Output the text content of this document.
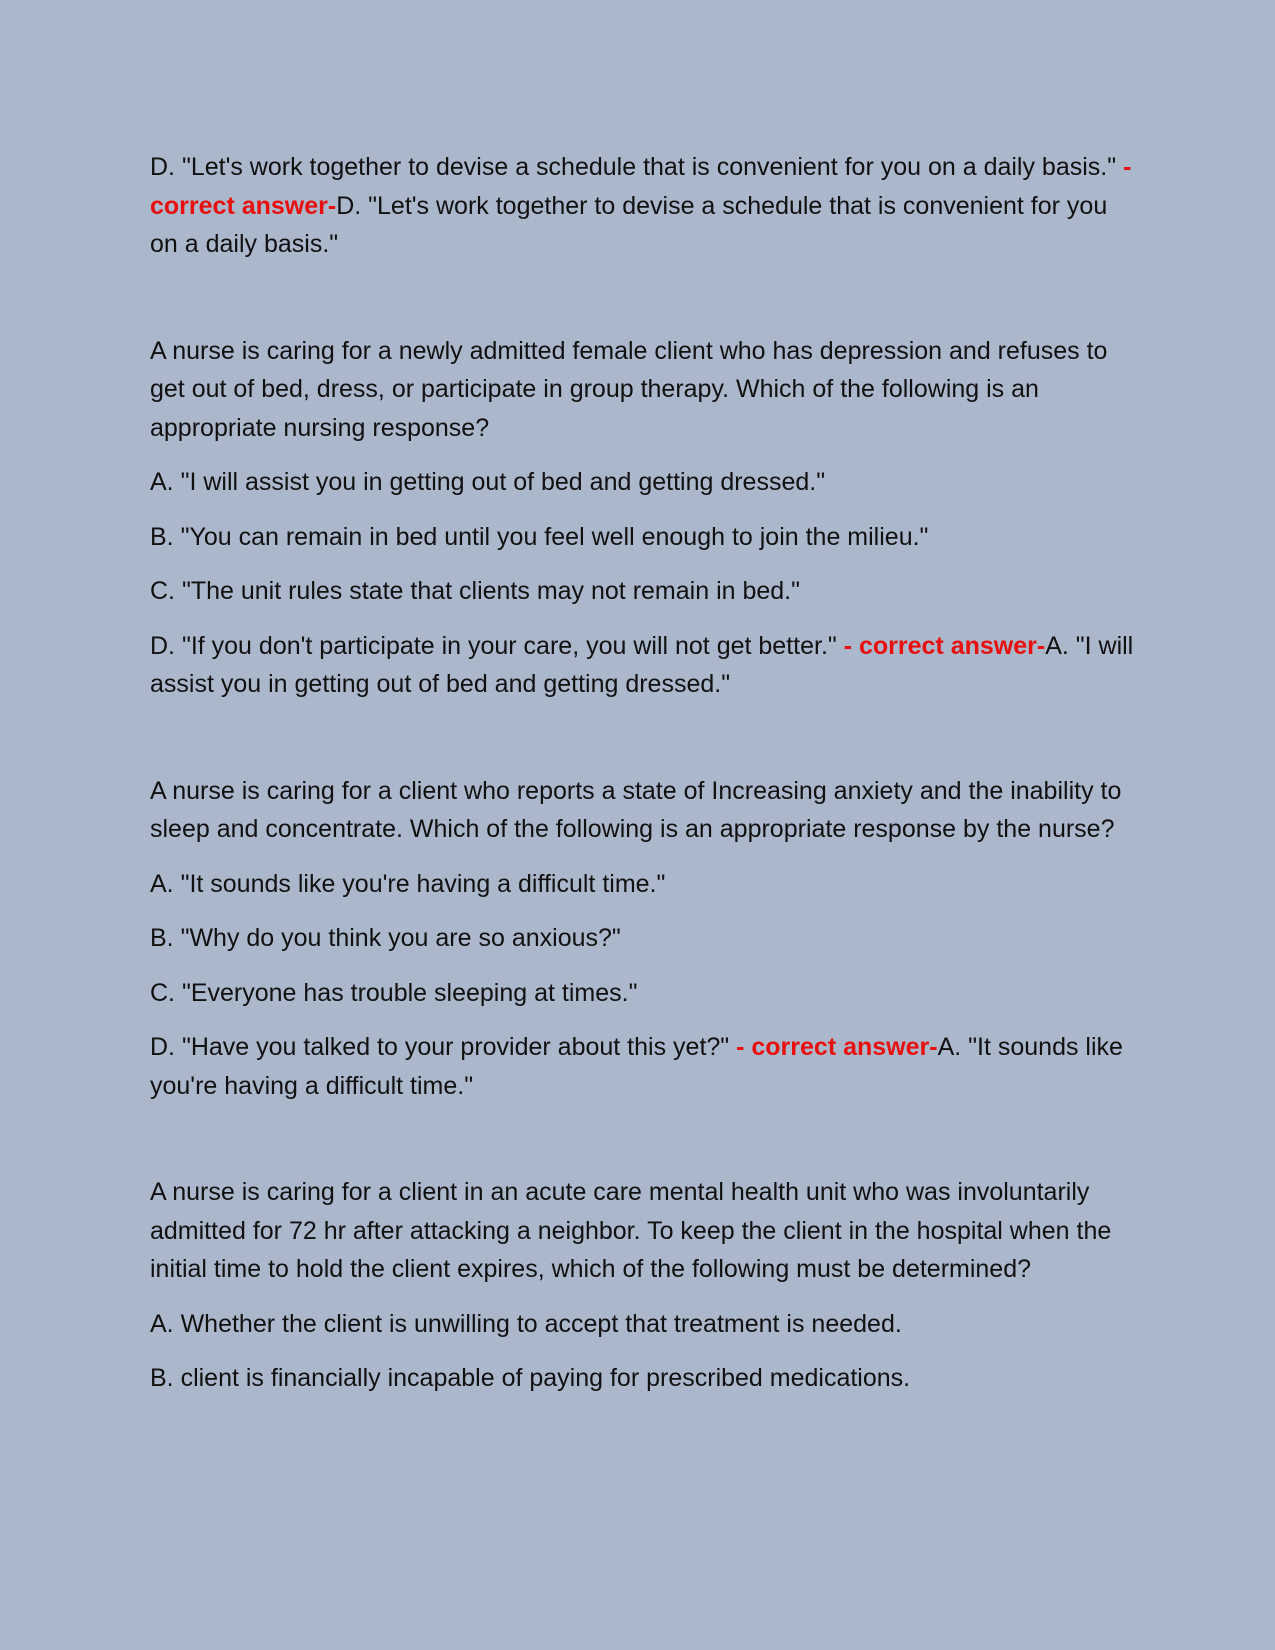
D. "Let's work together to devise a schedule that is convenient for you on a daily basis." - correct answer-D. "Let's work together to devise a schedule that is convenient for you on a daily basis."

A nurse is caring for a newly admitted female client who has depression and refuses to get out of bed, dress, or participate in group therapy. Which of the following is an appropriate nursing response?

A. "I will assist you in getting out of bed and getting dressed."

B. "You can remain in bed until you feel well enough to join the milieu."

C. "The unit rules state that clients may not remain in bed."

D. "If you don't participate in your care, you will not get better." - correct answer-A. "I will assist you in getting out of bed and getting dressed."

A nurse is caring for a client who reports a state of Increasing anxiety and the inability to sleep and concentrate. Which of the following is an appropriate response by the nurse?

A. "It sounds like you're having a difficult time."

B. "Why do you think you are so anxious?"

C. "Everyone has trouble sleeping at times."

D. "Have you talked to your provider about this yet?" - correct answer-A. "It sounds like you're having a difficult time."

A nurse is caring for a client in an acute care mental health unit who was involuntarily admitted for 72 hr after attacking a neighbor. To keep the client in the hospital when the initial time to hold the client expires, which of the following must be determined?

A. Whether the client is unwilling to accept that treatment is needed.

B. client is financially incapable of paying for prescribed medications.
